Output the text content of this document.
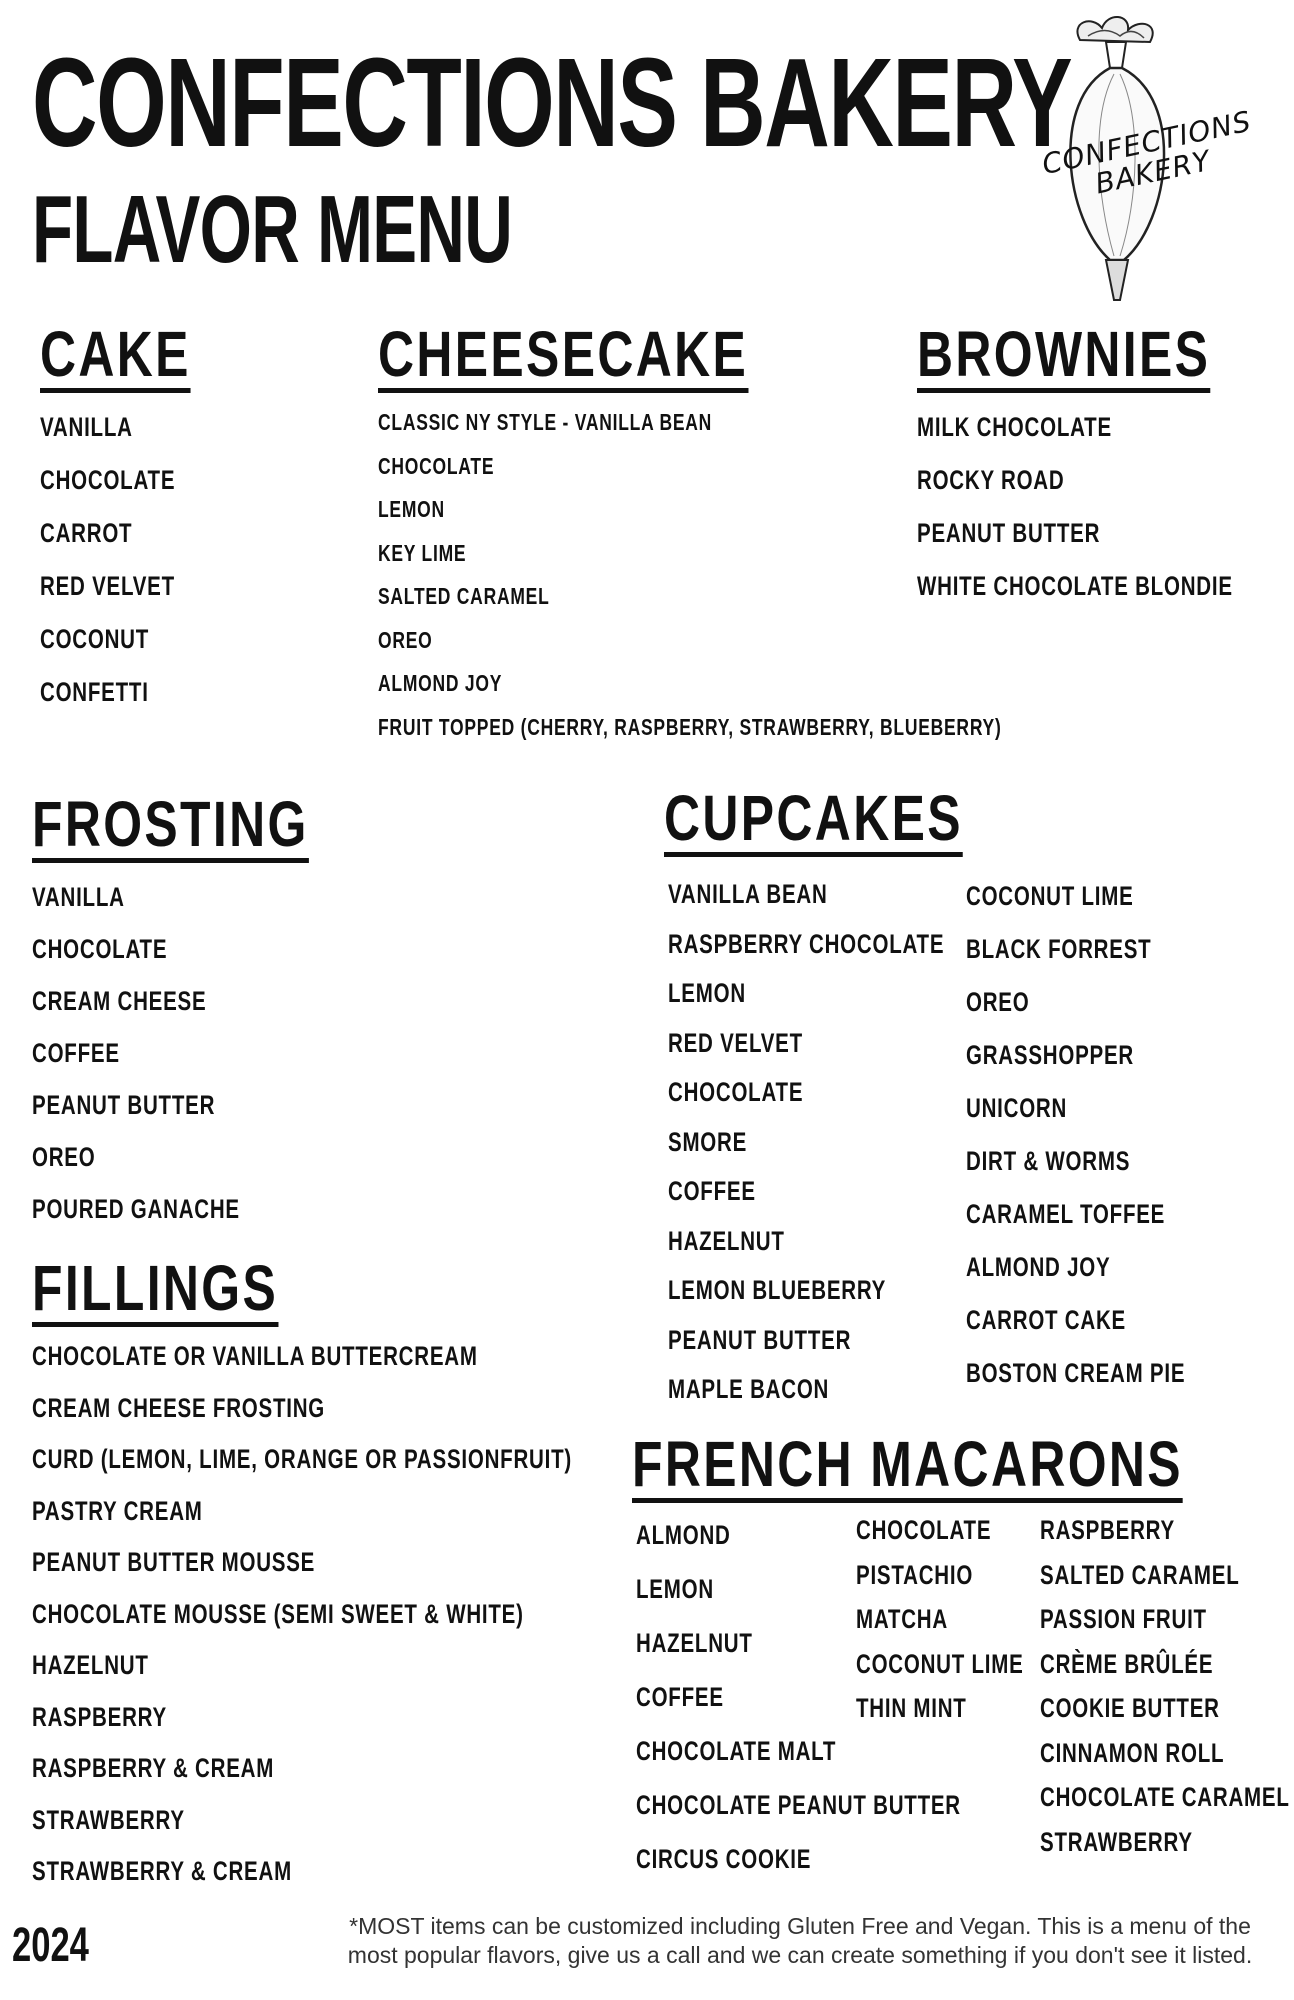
CONFECTIONS BAKERY
FLAVOR MENU
CONFECTIONS BAKERY
CAKE
VANILLA
CHOCOLATE
CARROT
RED VELVET
COCONUT
CONFETTI
CHEESECAKE
CLASSIC NY STYLE - VANILLA BEAN
CHOCOLATE
LEMON
KEY LIME
SALTED CARAMEL
OREO
ALMOND JOY
FRUIT TOPPED (CHERRY, RASPBERRY, STRAWBERRY, BLUEBERRY)
BROWNIES
MILK CHOCOLATE
ROCKY ROAD
PEANUT BUTTER
WHITE CHOCOLATE BLONDIE
FROSTING
VANILLA
CHOCOLATE
CREAM CHEESE
COFFEE
PEANUT BUTTER
OREO
POURED GANACHE
FILLINGS
CHOCOLATE OR VANILLA BUTTERCREAM
CREAM CHEESE FROSTING
CURD (LEMON, LIME, ORANGE OR PASSIONFRUIT)
PASTRY CREAM
PEANUT BUTTER MOUSSE
CHOCOLATE MOUSSE (SEMI SWEET & WHITE)
HAZELNUT
RASPBERRY
RASPBERRY & CREAM
STRAWBERRY
STRAWBERRY & CREAM
CUPCAKES
VANILLA BEAN
RASPBERRY CHOCOLATE
LEMON
RED VELVET
CHOCOLATE
SMORE
COFFEE
HAZELNUT
LEMON BLUEBERRY
PEANUT BUTTER
MAPLE BACON
COCONUT LIME
BLACK FORREST
OREO
GRASSHOPPER
UNICORN
DIRT & WORMS
CARAMEL TOFFEE
ALMOND JOY
CARROT CAKE
BOSTON CREAM PIE
FRENCH MACARONS
ALMOND
LEMON
HAZELNUT
COFFEE
CHOCOLATE MALT
CHOCOLATE PEANUT BUTTER
CIRCUS COOKIE
CHOCOLATE
PISTACHIO
MATCHA
COCONUT LIME
THIN MINT
RASPBERRY
SALTED CARAMEL
PASSION FRUIT
CRÈME BRÛLÉE
COOKIE BUTTER
CINNAMON ROLL
CHOCOLATE CARAMEL
STRAWBERRY

2024	*MOST items can be customized including Gluten Free and Vegan. This is a menu of the most popular flavors, give us a call and we can create something if you don't see it listed.
